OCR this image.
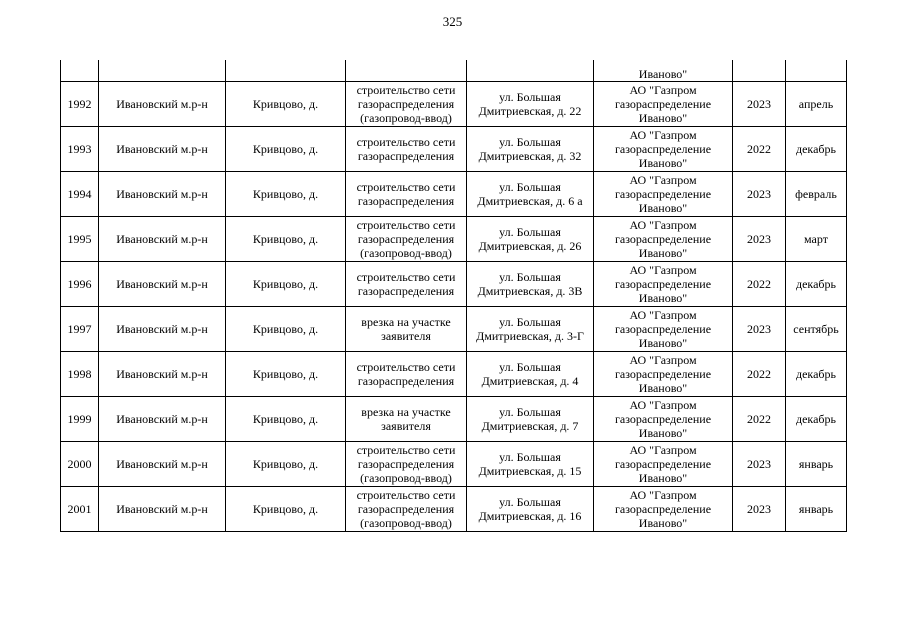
325
					Иваново"		
1992	Ивановский м.р-н	Кривцово, д.	строительство сети
газораспределения
(газопровод-ввод)	ул. Большая
Дмитриевская, д. 22	АО "Газпром
газораспределение
Иваново"	2023	апрель
1993	Ивановский м.р-н	Кривцово, д.	строительство сети
газораспределения	ул. Большая
Дмитриевская, д. 32	АО "Газпром
газораспределение
Иваново"	2022	декабрь
1994	Ивановский м.р-н	Кривцово, д.	строительство сети
газораспределения	ул. Большая
Дмитриевская, д. 6 а	АО "Газпром
газораспределение
Иваново"	2023	февраль
1995	Ивановский м.р-н	Кривцово, д.	строительство сети
газораспределения
(газопровод-ввод)	ул. Большая
Дмитриевская, д. 26	АО "Газпром
газораспределение
Иваново"	2023	март
1996	Ивановский м.р-н	Кривцово, д.	строительство сети
газораспределения	ул. Большая
Дмитриевская, д. 3В	АО "Газпром
газораспределение
Иваново"	2022	декабрь
1997	Ивановский м.р-н	Кривцово, д.	врезка на участке
заявителя	ул. Большая
Дмитриевская, д. 3-Г	АО "Газпром
газораспределение
Иваново"	2023	сентябрь
1998	Ивановский м.р-н	Кривцово, д.	строительство сети
газораспределения	ул. Большая
Дмитриевская, д. 4	АО "Газпром
газораспределение
Иваново"	2022	декабрь
1999	Ивановский м.р-н	Кривцово, д.	врезка на участке
заявителя	ул. Большая
Дмитриевская, д. 7	АО "Газпром
газораспределение
Иваново"	2022	декабрь
2000	Ивановский м.р-н	Кривцово, д.	строительство сети
газораспределения
(газопровод-ввод)	ул. Большая
Дмитриевская, д. 15	АО "Газпром
газораспределение
Иваново"	2023	январь
2001	Ивановский м.р-н	Кривцово, д.	строительство сети
газораспределения
(газопровод-ввод)	ул. Большая
Дмитриевская, д. 16	АО "Газпром
газораспределение
Иваново"	2023	январь
